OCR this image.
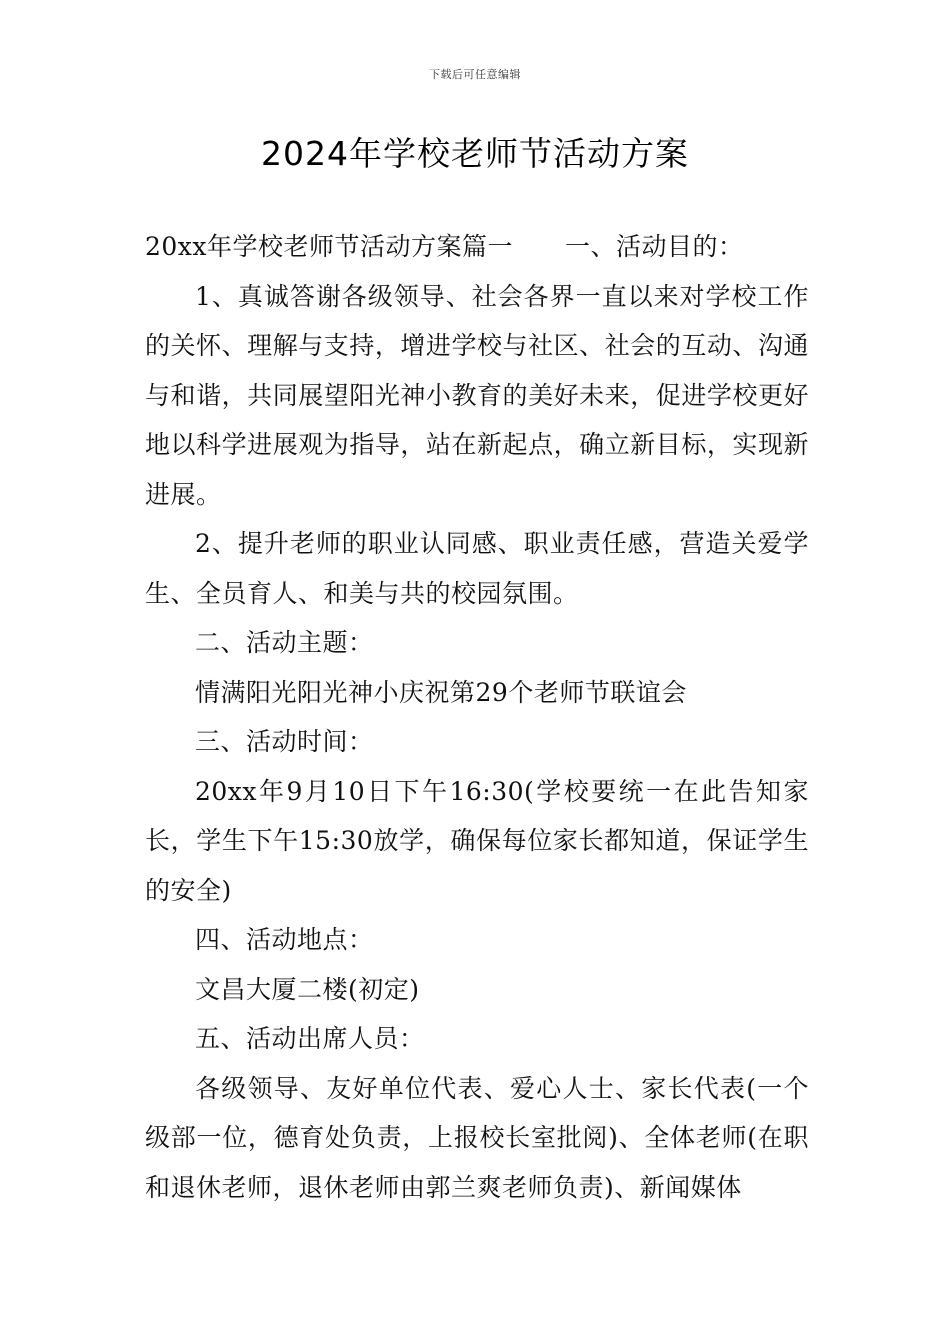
下载后可任意编辑
2024年学校老师节活动方案

20xx年学校老师节活动方案篇一 一、活动目的：

1、真诚答谢各级领导、社会各界一直以来对学校工作的关怀、理解与支持，增进学校与社区、社会的互动、沟通与和谐，共同展望阳光神小教育的美好未来，促进学校更好地以科学进展观为指导，站在新起点，确立新目标，实现新进展。

2、提升老师的职业认同感、职业责任感，营造关爱学生、全员育人、和美与共的校园氛围。

二、活动主题：

情满阳光阳光神小庆祝第29个老师节联谊会

三、活动时间：

20xx年9月10日下午16:30(学校要统一在此告知家长，学生下午15:30放学，确保每位家长都知道，保证学生的安全)

四、活动地点：

文昌大厦二楼(初定)

五、活动出席人员：

各级领导、友好单位代表、爱心人士、家长代表(一个级部一位，德育处负责，上报校长室批阅)、全体老师(在职和退休老师，退休老师由郭兰爽老师负责)、新闻媒体
